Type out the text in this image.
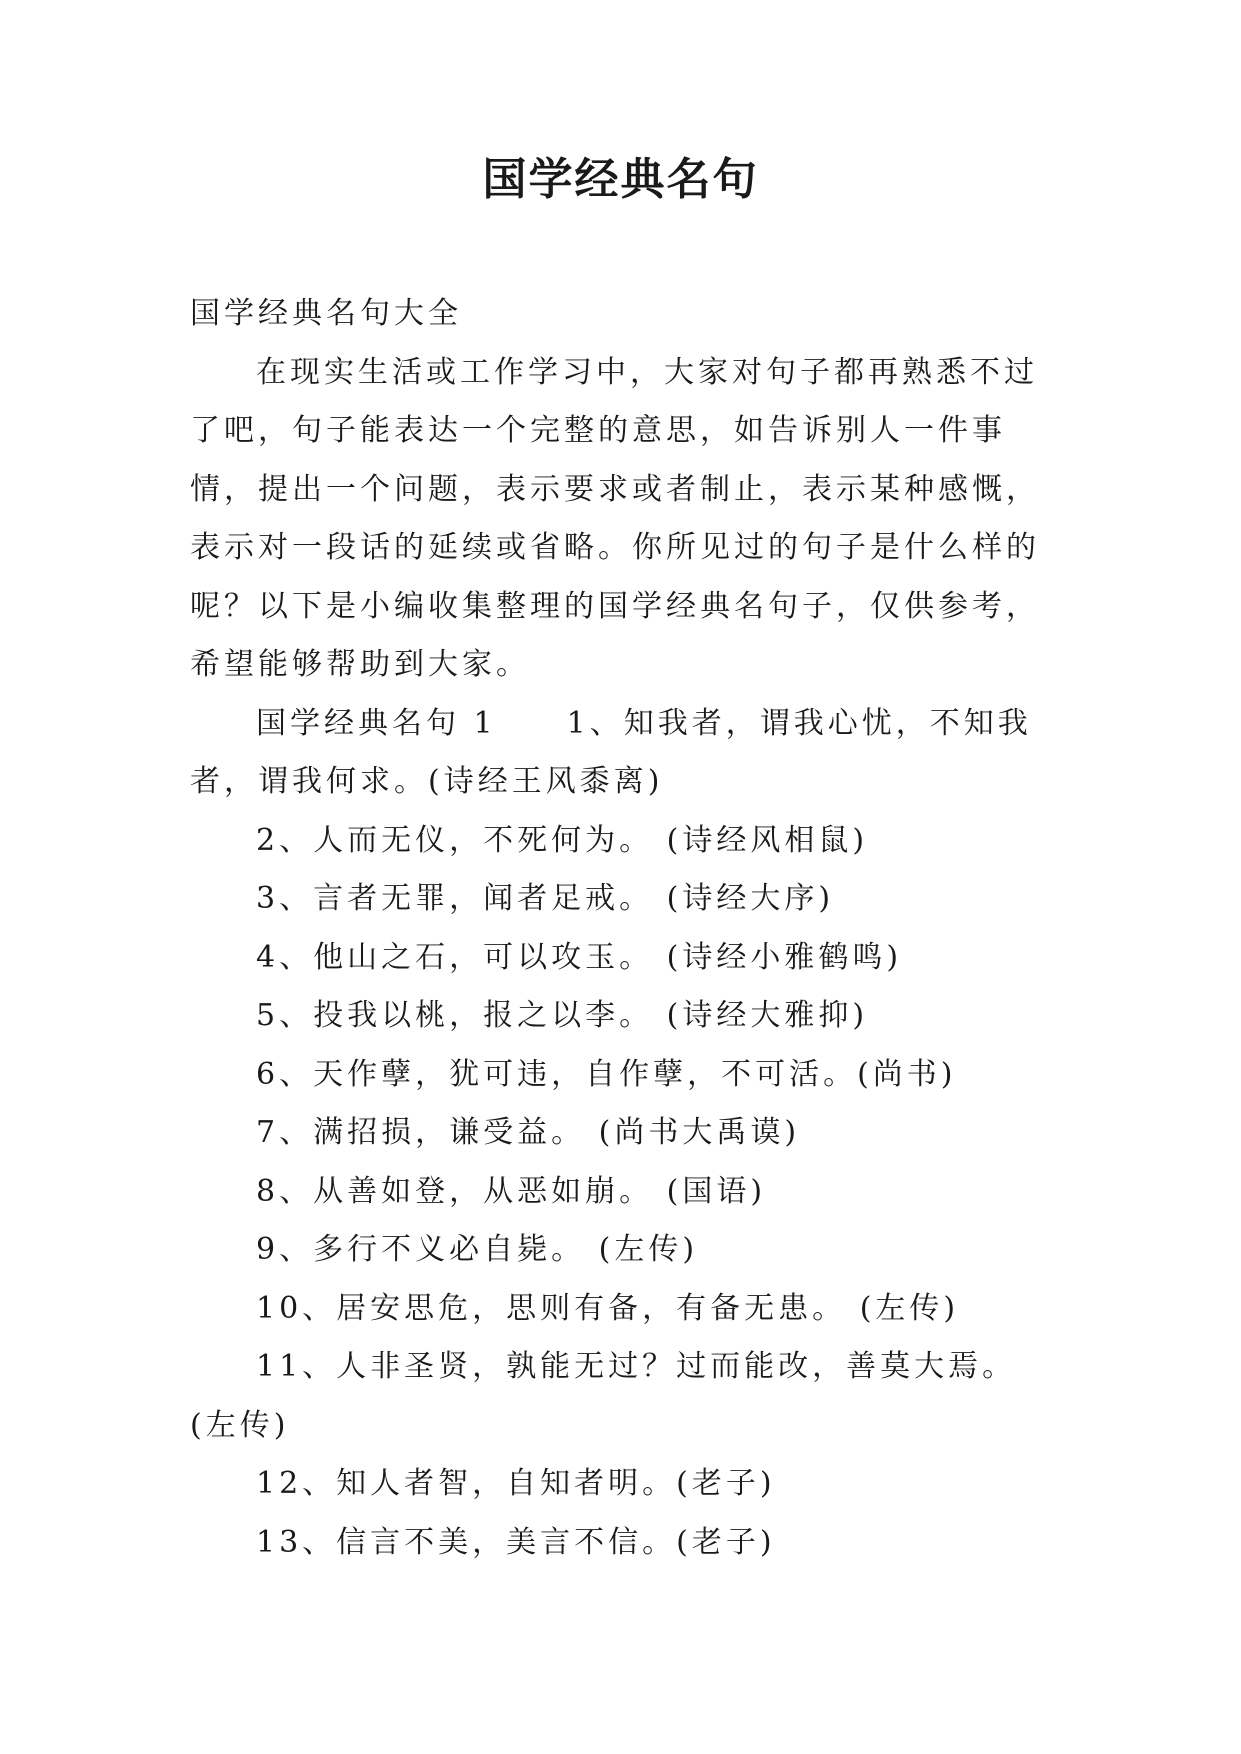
国学经典名句

国学经典名句大全

在现实生活或工作学习中，大家对句子都再熟悉不过了吧，句子能表达一个完整的意思，如告诉别人一件事情，提出一个问题，表示要求或者制止，表示某种感慨，表示对一段话的延续或省略。你所见过的句子是什么样的呢？以下是小编收集整理的国学经典名句子，仅供参考，希望能够帮助到大家。

国学经典名句 1 1、知我者，谓我心忧，不知我者，谓我何求。(诗经王风黍离)

2、人而无仪，不死何为。 (诗经风相鼠)

3、言者无罪，闻者足戒。 (诗经大序)

4、他山之石，可以攻玉。 (诗经小雅鹤鸣)

5、投我以桃，报之以李。 (诗经大雅抑)

6、天作孽，犹可违，自作孽，不可活。(尚书)

7、满招损，谦受益。 (尚书大禹谟)

8、从善如登，从恶如崩。 (国语)

9、多行不义必自毙。 (左传)

10、居安思危，思则有备，有备无患。 (左传)

11、人非圣贤，孰能无过？过而能改，善莫大焉。(左传)

12、知人者智，自知者明。(老子)

13、信言不美，美言不信。(老子)
